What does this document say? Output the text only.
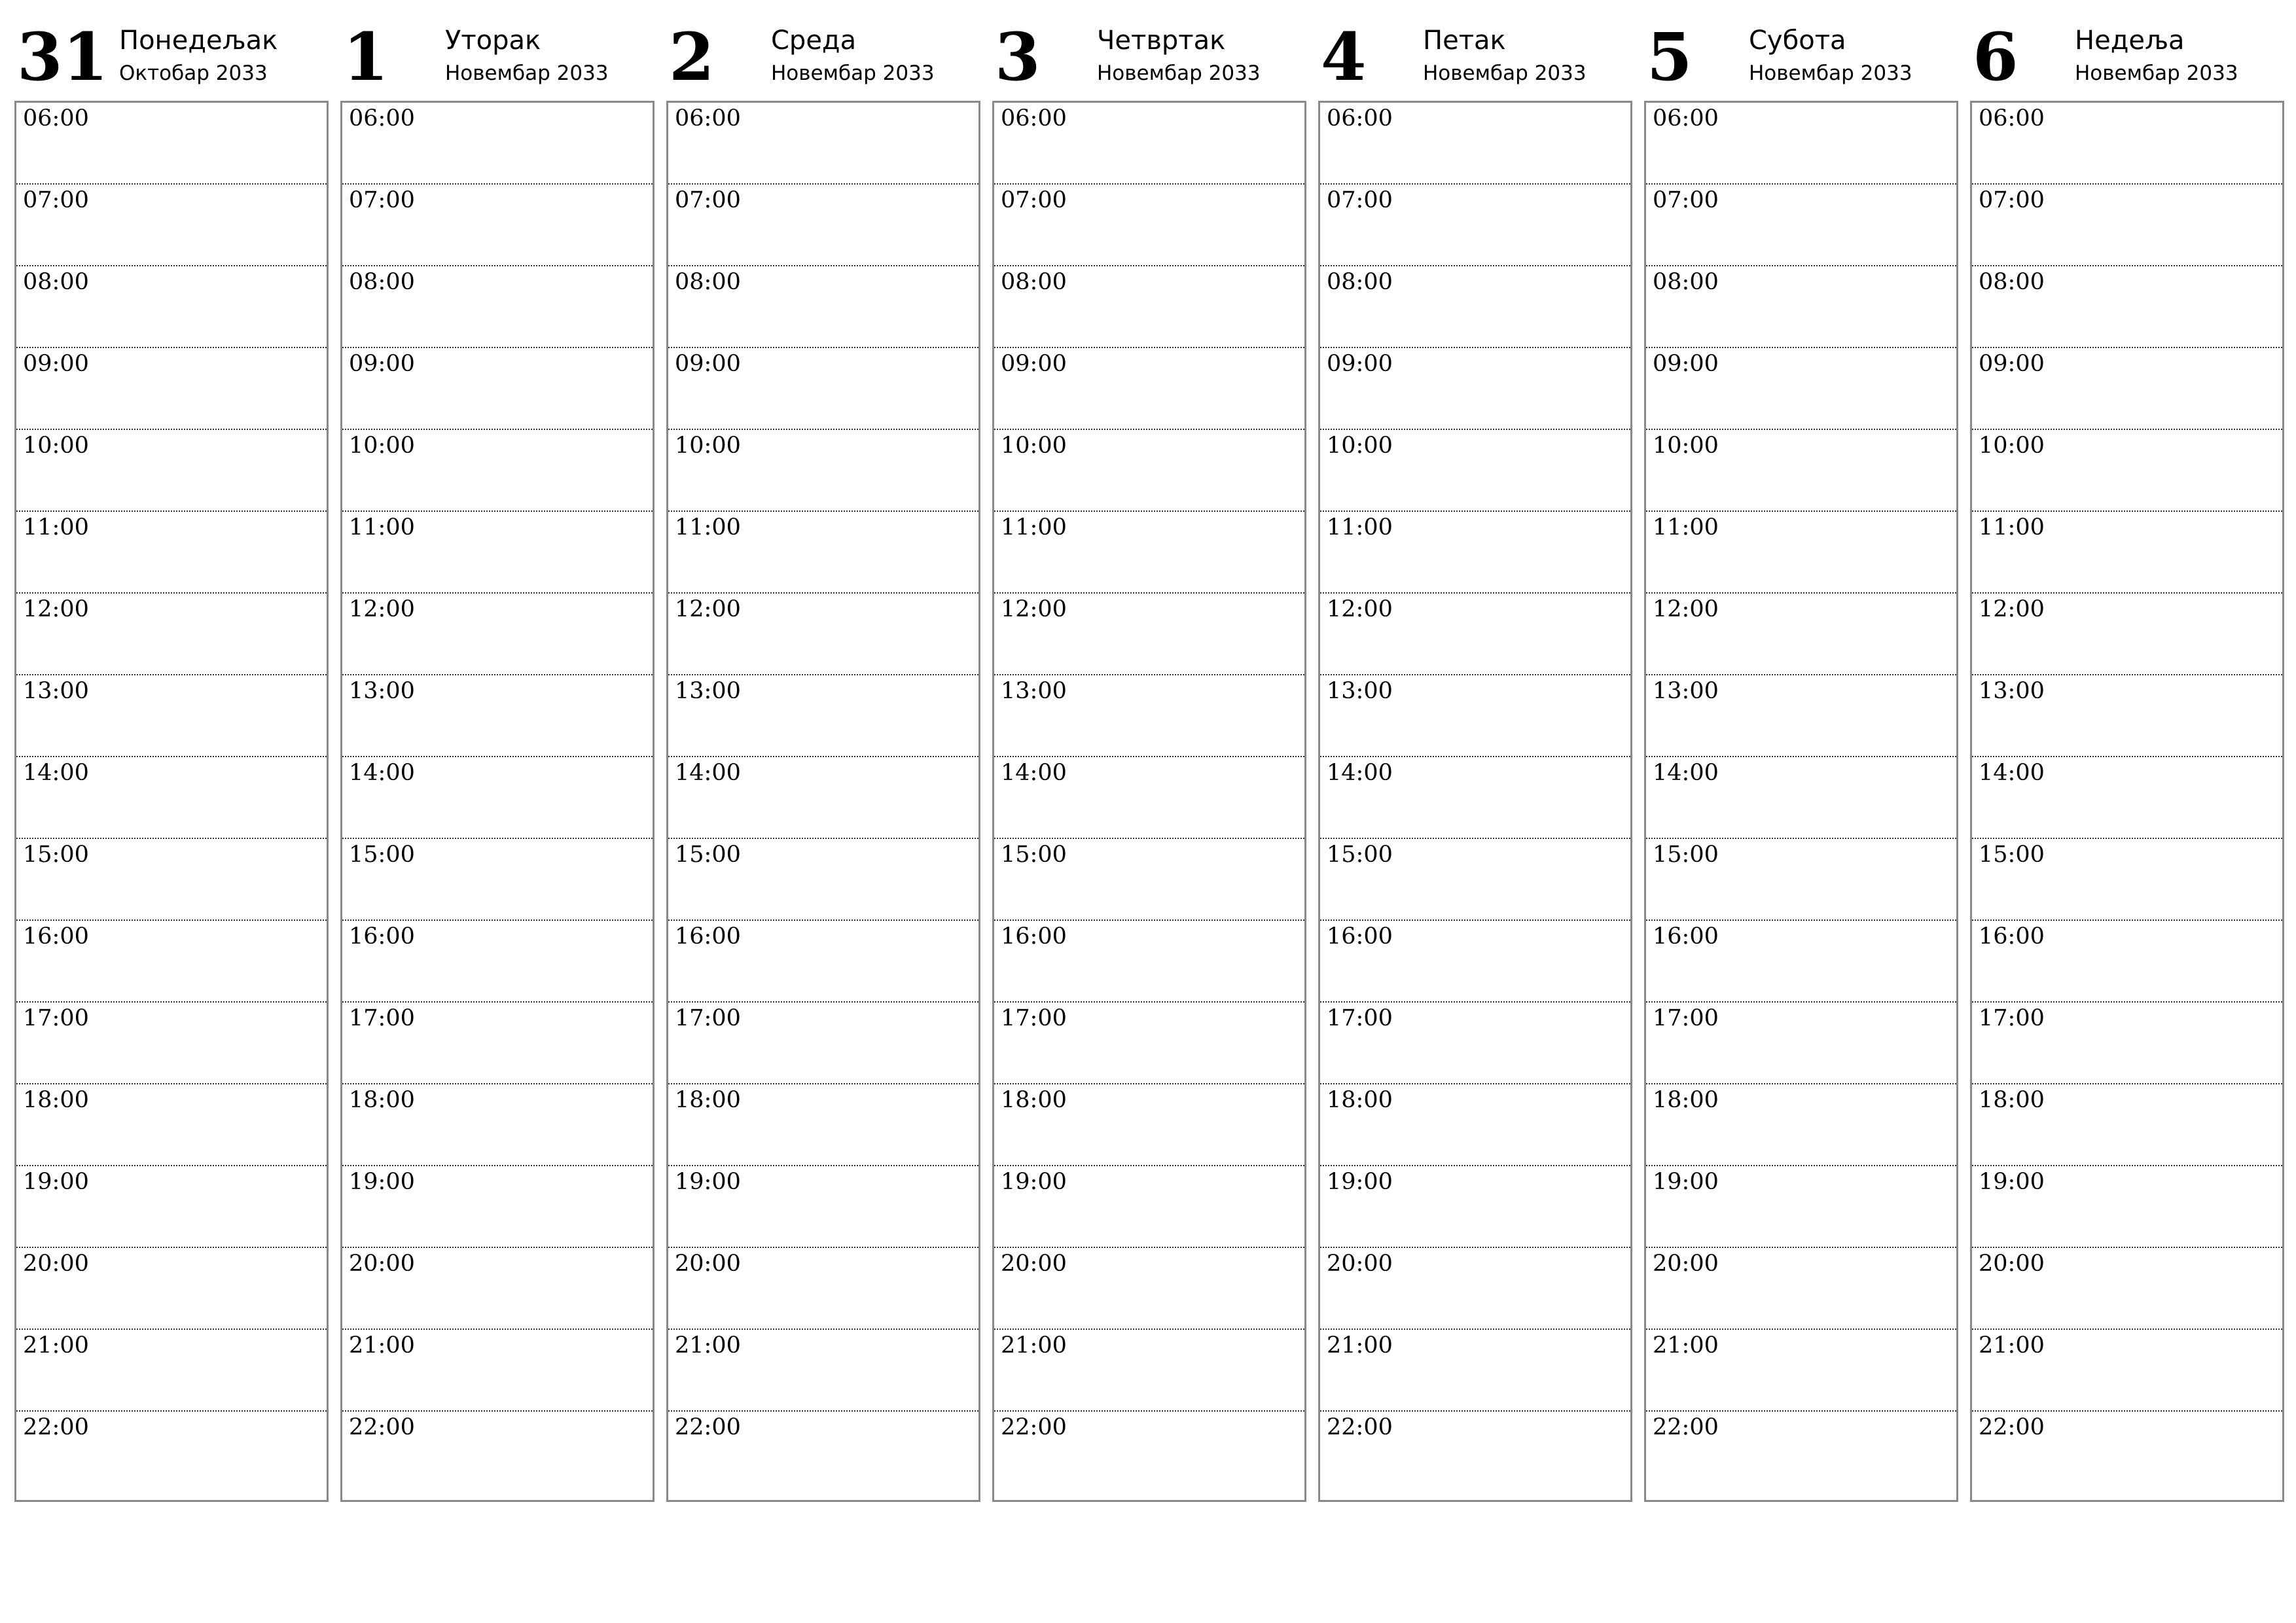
31 Понедељак
Октобар 2033
06:00
07:00
08:00
09:00
10:00
11:00
12:00
13:00
14:00
15:00
16:00
17:00
18:00
19:00
20:00
21:00
22:00
1 Уторак
Новембар 2033
06:00
07:00
08:00
09:00
10:00
11:00
12:00
13:00
14:00
15:00
16:00
17:00
18:00
19:00
20:00
21:00
22:00
2 Среда
Новембар 2033
06:00
07:00
08:00
09:00
10:00
11:00
12:00
13:00
14:00
15:00
16:00
17:00
18:00
19:00
20:00
21:00
22:00
3 Четвртак
Новембар 2033
06:00
07:00
08:00
09:00
10:00
11:00
12:00
13:00
14:00
15:00
16:00
17:00
18:00
19:00
20:00
21:00
22:00
4 Петак
Новембар 2033
06:00
07:00
08:00
09:00
10:00
11:00
12:00
13:00
14:00
15:00
16:00
17:00
18:00
19:00
20:00
21:00
22:00
5 Субота
Новембар 2033
06:00
07:00
08:00
09:00
10:00
11:00
12:00
13:00
14:00
15:00
16:00
17:00
18:00
19:00
20:00
21:00
22:00
6 Недеља
Новембар 2033
06:00
07:00
08:00
09:00
10:00
11:00
12:00
13:00
14:00
15:00
16:00
17:00
18:00
19:00
20:00
21:00
22:00
